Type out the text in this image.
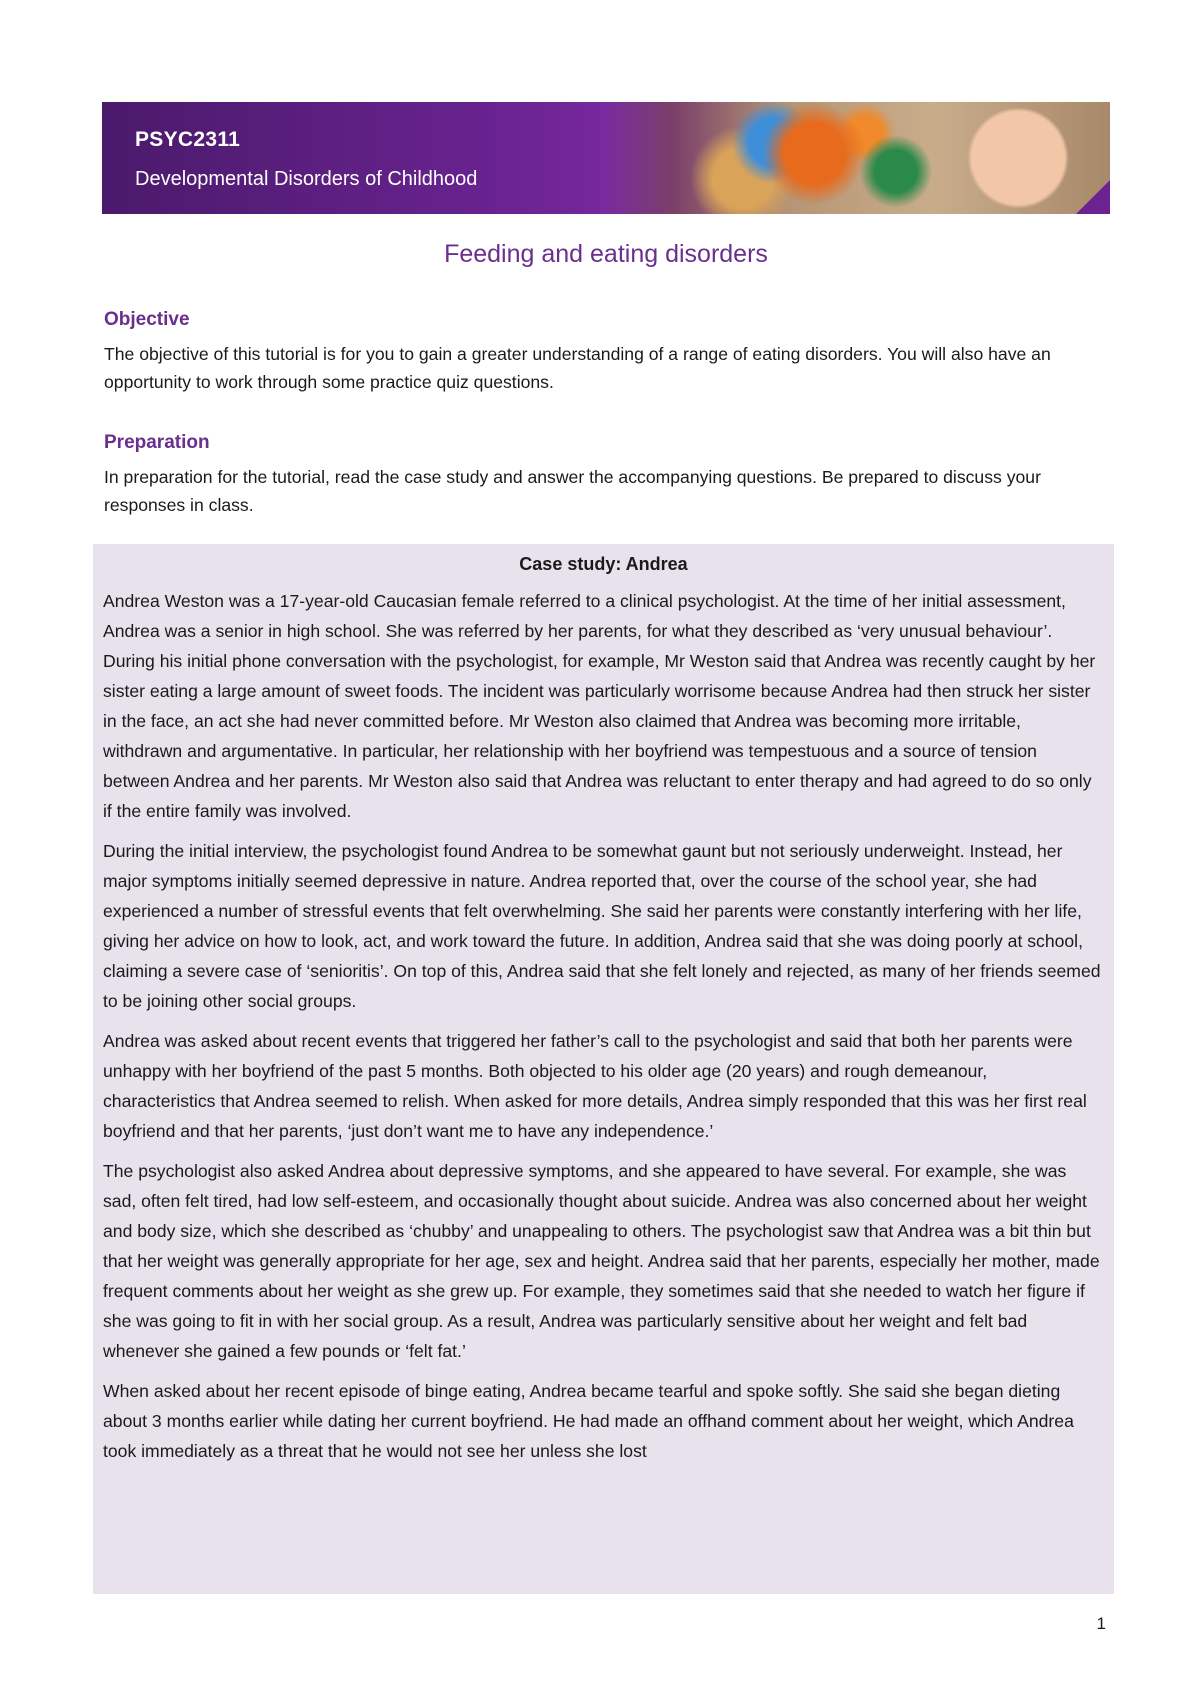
PSYC2311
Developmental Disorders of Childhood
Feeding and eating disorders
Objective
The objective of this tutorial is for you to gain a greater understanding of a range of eating disorders. You will also have an opportunity to work through some practice quiz questions.
Preparation
In preparation for the tutorial, read the case study and answer the accompanying questions. Be prepared to discuss your responses in class.
Case study: Andrea

Andrea Weston was a 17-year-old Caucasian female referred to a clinical psychologist. At the time of her initial assessment, Andrea was a senior in high school. She was referred by her parents, for what they described as ‘very unusual behaviour’. During his initial phone conversation with the psychologist, for example, Mr Weston said that Andrea was recently caught by her sister eating a large amount of sweet foods. The incident was particularly worrisome because Andrea had then struck her sister in the face, an act she had never committed before. Mr Weston also claimed that Andrea was becoming more irritable, withdrawn and argumentative. In particular, her relationship with her boyfriend was tempestuous and a source of tension between Andrea and her parents. Mr Weston also said that Andrea was reluctant to enter therapy and had agreed to do so only if the entire family was involved.

During the initial interview, the psychologist found Andrea to be somewhat gaunt but not seriously underweight. Instead, her major symptoms initially seemed depressive in nature. Andrea reported that, over the course of the school year, she had experienced a number of stressful events that felt overwhelming. She said her parents were constantly interfering with her life, giving her advice on how to look, act, and work toward the future. In addition, Andrea said that she was doing poorly at school, claiming a severe case of ‘senioritis’. On top of this, Andrea said that she felt lonely and rejected, as many of her friends seemed to be joining other social groups.

Andrea was asked about recent events that triggered her father’s call to the psychologist and said that both her parents were unhappy with her boyfriend of the past 5 months. Both objected to his older age (20 years) and rough demeanour, characteristics that Andrea seemed to relish. When asked for more details, Andrea simply responded that this was her first real boyfriend and that her parents, ‘just don’t want me to have any independence.’

The psychologist also asked Andrea about depressive symptoms, and she appeared to have several. For example, she was sad, often felt tired, had low self-esteem, and occasionally thought about suicide. Andrea was also concerned about her weight and body size, which she described as ‘chubby’ and unappealing to others. The psychologist saw that Andrea was a bit thin but that her weight was generally appropriate for her age, sex and height. Andrea said that her parents, especially her mother, made frequent comments about her weight as she grew up. For example, they sometimes said that she needed to watch her figure if she was going to fit in with her social group. As a result, Andrea was particularly sensitive about her weight and felt bad whenever she gained a few pounds or ‘felt fat.’

When asked about her recent episode of binge eating, Andrea became tearful and spoke softly. She said she began dieting about 3 months earlier while dating her current boyfriend. He had made an offhand comment about her weight, which Andrea took immediately as a threat that he would not see her unless she lost

1
